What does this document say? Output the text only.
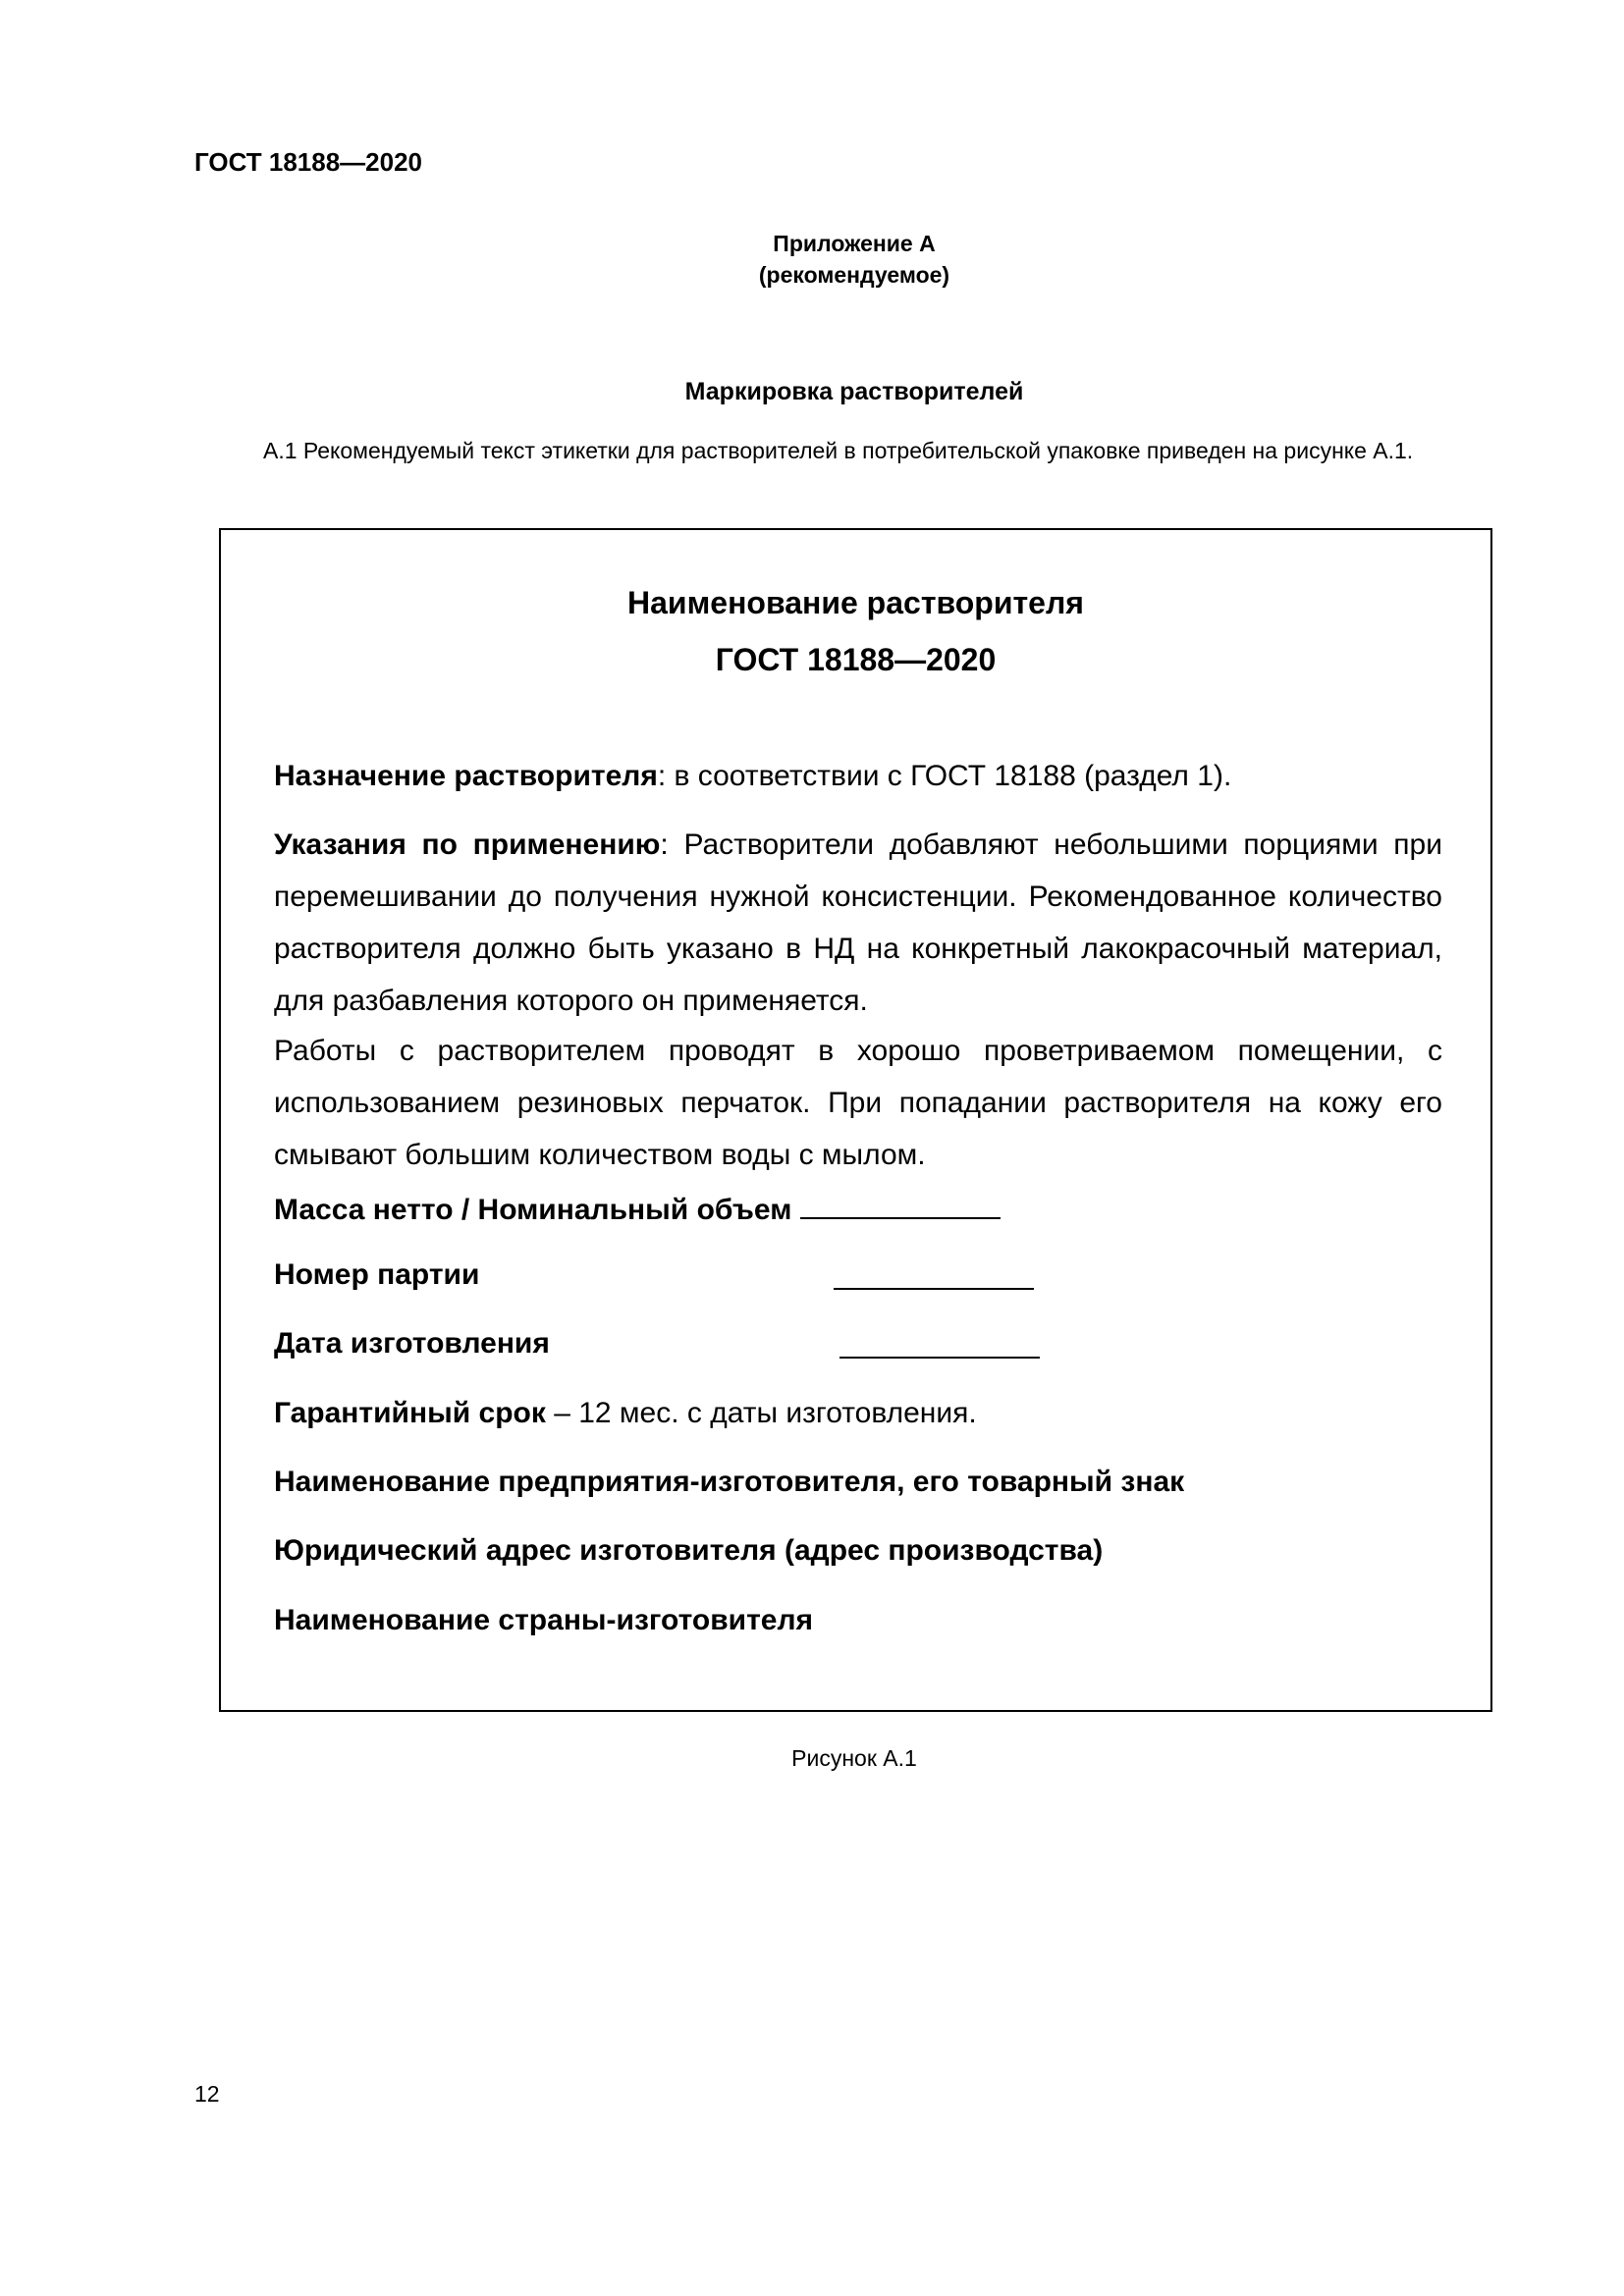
ГОСТ 18188—2020

Приложение А

(рекомендуемое)

Маркировка растворителей

А.1 Рекомендуемый текст этикетки для растворителей в потребительской упаковке приведен на рисунке А.1.

Наименование растворителя

ГОСТ 18188—2020

Назначение растворителя: в соответствии с ГОСТ 18188 (раздел 1).

Указания по применению: Растворители добавляют небольшими порциями при перемешивании до получения нужной консистенции. Рекомендованное количество растворителя должно быть указано в НД на конкретный лакокрасочный материал, для разбавления которого он применяется.

Работы с растворителем проводят в хорошо проветриваемом помещении, с использованием резиновых перчаток. При попадании растворителя на кожу его смывают большим количеством воды с мылом.

Масса нетто / Номинальный объем

Номер партии

Дата изготовления

Гарантийный срок – 12 мес. с даты изготовления.

Наименование предприятия-изготовителя, его товарный знак

Юридический адрес изготовителя (адрес производства)

Наименование страны-изготовителя

Рисунок А.1

12
